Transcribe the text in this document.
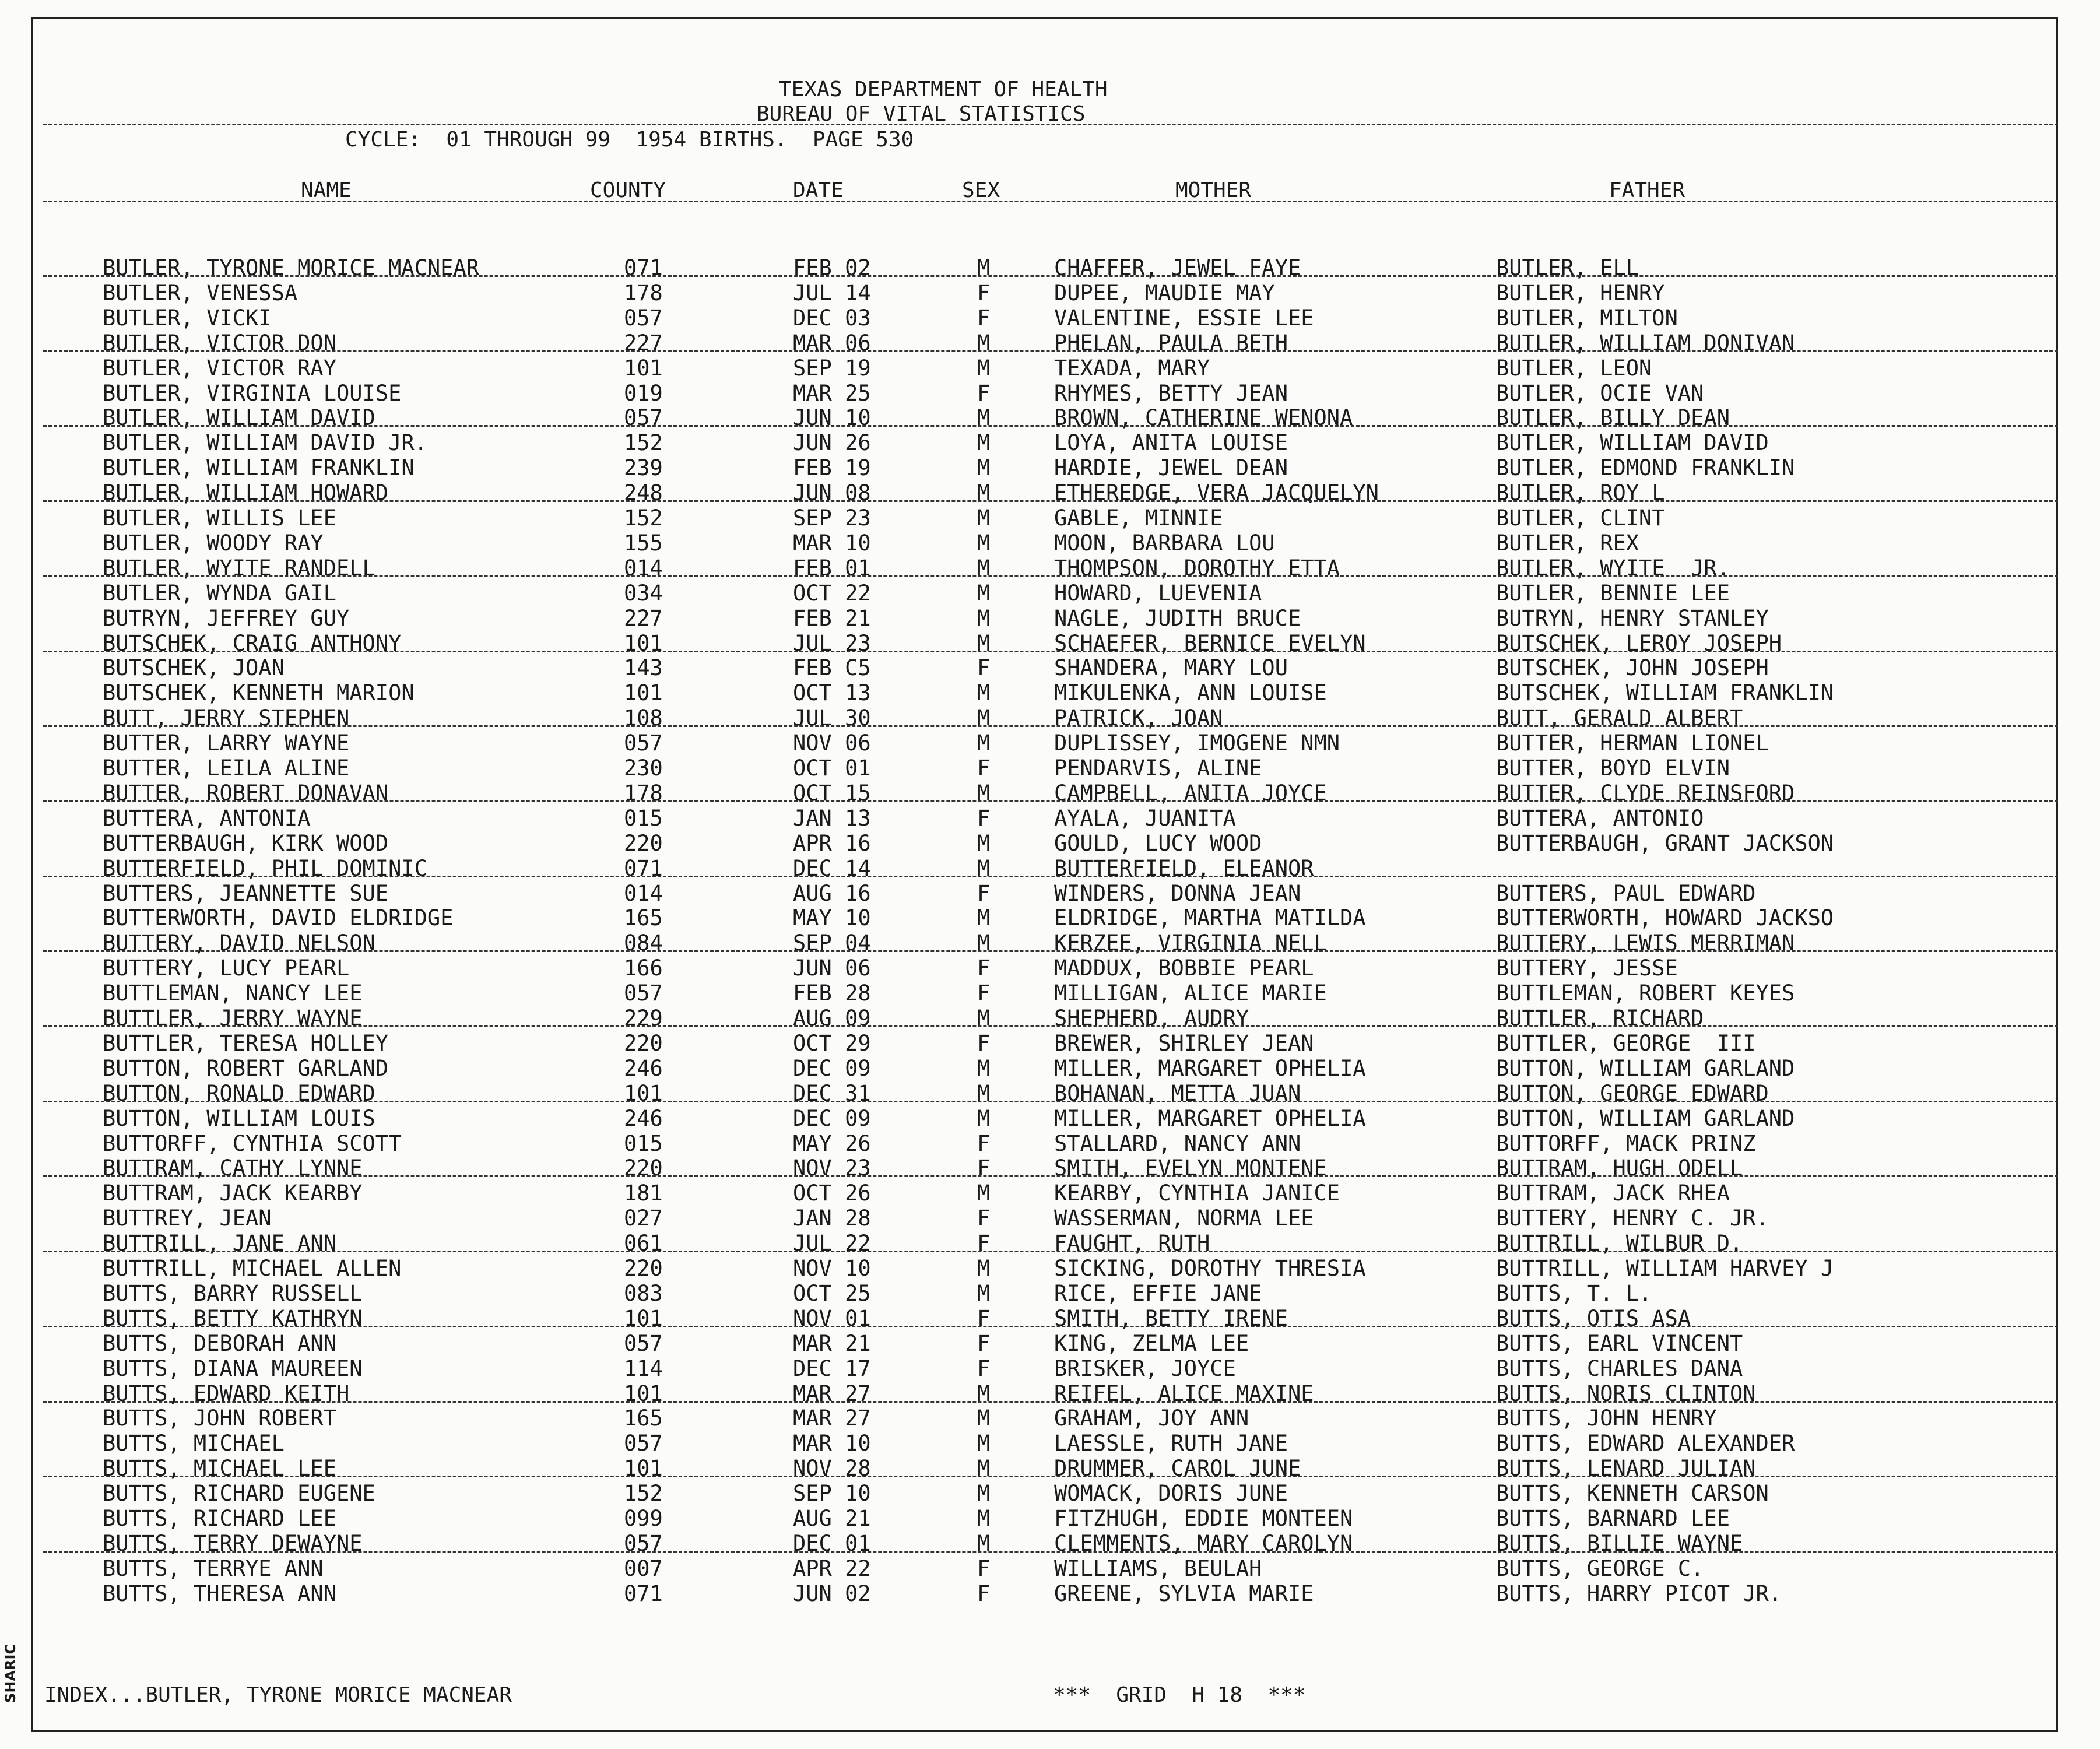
SHARIC
TEXAS DEPARTMENT OF HEALTH
BUREAU OF VITAL STATISTICS
CYCLE:  01 THROUGH 99  1954 BIRTHS.  PAGE 530
NAME	COUNTY	DATE	SEX	MOTHER	FATHER
BUTLER, TYRONE MORICE MACNEAR	071	FEB 02	M	CHAFFER, JEWEL FAYE	BUTLER, ELL
BUTLER, VENESSA	178	JUL 14	F	DUPEE, MAUDIE MAY	BUTLER, HENRY
BUTLER, VICKI	057	DEC 03	F	VALENTINE, ESSIE LEE	BUTLER, MILTON
BUTLER, VICTOR DON	227	MAR 06	M	PHELAN, PAULA BETH	BUTLER, WILLIAM DONIVAN
BUTLER, VICTOR RAY	101	SEP 19	M	TEXADA, MARY	BUTLER, LEON
BUTLER, VIRGINIA LOUISE	019	MAR 25	F	RHYMES, BETTY JEAN	BUTLER, OCIE VAN
BUTLER, WILLIAM DAVID	057	JUN 10	M	BROWN, CATHERINE WENONA	BUTLER, BILLY DEAN
BUTLER, WILLIAM DAVID JR.	152	JUN 26	M	LOYA, ANITA LOUISE	BUTLER, WILLIAM DAVID
BUTLER, WILLIAM FRANKLIN	239	FEB 19	M	HARDIE, JEWEL DEAN	BUTLER, EDMOND FRANKLIN
BUTLER, WILLIAM HOWARD	248	JUN 08	M	ETHEREDGE, VERA JACQUELYN	BUTLER, ROY L
BUTLER, WILLIS LEE	152	SEP 23	M	GABLE, MINNIE	BUTLER, CLINT
BUTLER, WOODY RAY	155	MAR 10	M	MOON, BARBARA LOU	BUTLER, REX
BUTLER, WYITE RANDELL	014	FEB 01	M	THOMPSON, DOROTHY ETTA	BUTLER, WYITE  JR.
BUTLER, WYNDA GAIL	034	OCT 22	M	HOWARD, LUEVENIA	BUTLER, BENNIE LEE
BUTRYN, JEFFREY GUY	227	FEB 21	M	NAGLE, JUDITH BRUCE	BUTRYN, HENRY STANLEY
BUTSCHEK, CRAIG ANTHONY	101	JUL 23	M	SCHAEFER, BERNICE EVELYN	BUTSCHEK, LEROY JOSEPH
BUTSCHEK, JOAN	143	FEB C5	F	SHANDERA, MARY LOU	BUTSCHEK, JOHN JOSEPH
BUTSCHEK, KENNETH MARION	101	OCT 13	M	MIKULENKA, ANN LOUISE	BUTSCHEK, WILLIAM FRANKLIN
BUTT, JERRY STEPHEN	108	JUL 30	M	PATRICK, JOAN	BUTT, GERALD ALBERT
BUTTER, LARRY WAYNE	057	NOV 06	M	DUPLISSEY, IMOGENE NMN	BUTTER, HERMAN LIONEL
BUTTER, LEILA ALINE	230	OCT 01	F	PENDARVIS, ALINE	BUTTER, BOYD ELVIN
BUTTER, ROBERT DONAVAN	178	OCT 15	M	CAMPBELL, ANITA JOYCE	BUTTER, CLYDE REINSFORD
BUTTERA, ANTONIA	015	JAN 13	F	AYALA, JUANITA	BUTTERA, ANTONIO
BUTTERBAUGH, KIRK WOOD	220	APR 16	M	GOULD, LUCY WOOD	BUTTERBAUGH, GRANT JACKSON
BUTTERFIELD, PHIL DOMINIC	071	DEC 14	M	BUTTERFIELD, ELEANOR
BUTTERS, JEANNETTE SUE	014	AUG 16	F	WINDERS, DONNA JEAN	BUTTERS, PAUL EDWARD
BUTTERWORTH, DAVID ELDRIDGE	165	MAY 10	M	ELDRIDGE, MARTHA MATILDA	BUTTERWORTH, HOWARD JACKSO
BUTTERY, DAVID NELSON	084	SEP 04	M	KERZEE, VIRGINIA NELL	BUTTERY, LEWIS MERRIMAN
BUTTERY, LUCY PEARL	166	JUN 06	F	MADDUX, BOBBIE PEARL	BUTTERY, JESSE
BUTTLEMAN, NANCY LEE	057	FEB 28	F	MILLIGAN, ALICE MARIE	BUTTLEMAN, ROBERT KEYES
BUTTLER, JERRY WAYNE	229	AUG 09	M	SHEPHERD, AUDRY	BUTTLER, RICHARD
BUTTLER, TERESA HOLLEY	220	OCT 29	F	BREWER, SHIRLEY JEAN	BUTTLER, GEORGE  III
BUTTON, ROBERT GARLAND	246	DEC 09	M	MILLER, MARGARET OPHELIA	BUTTON, WILLIAM GARLAND
BUTTON, RONALD EDWARD	101	DEC 31	M	BOHANAN, METTA JUAN	BUTTON, GEORGE EDWARD
BUTTON, WILLIAM LOUIS	246	DEC 09	M	MILLER, MARGARET OPHELIA	BUTTON, WILLIAM GARLAND
BUTTORFF, CYNTHIA SCOTT	015	MAY 26	F	STALLARD, NANCY ANN	BUTTORFF, MACK PRINZ
BUTTRAM, CATHY LYNNE	220	NOV 23	F	SMITH, EVELYN MONTENE	BUTTRAM, HUGH ODELL
BUTTRAM, JACK KEARBY	181	OCT 26	M	KEARBY, CYNTHIA JANICE	BUTTRAM, JACK RHEA
BUTTREY, JEAN	027	JAN 28	F	WASSERMAN, NORMA LEE	BUTTERY, HENRY C. JR.
BUTTRILL, JANE ANN	061	JUL 22	F	FAUGHT, RUTH	BUTTRILL, WILBUR D.
BUTTRILL, MICHAEL ALLEN	220	NOV 10	M	SICKING, DOROTHY THRESIA	BUTTRILL, WILLIAM HARVEY J
BUTTS, BARRY RUSSELL	083	OCT 25	M	RICE, EFFIE JANE	BUTTS, T. L.
BUTTS, BETTY KATHRYN	101	NOV 01	F	SMITH, BETTY IRENE	BUTTS, OTIS ASA
BUTTS, DEBORAH ANN	057	MAR 21	F	KING, ZELMA LEE	BUTTS, EARL VINCENT
BUTTS, DIANA MAUREEN	114	DEC 17	F	BRISKER, JOYCE	BUTTS, CHARLES DANA
BUTTS, EDWARD KEITH	101	MAR 27	M	REIFEL, ALICE MAXINE	BUTTS, NORIS CLINTON
BUTTS, JOHN ROBERT	165	MAR 27	M	GRAHAM, JOY ANN	BUTTS, JOHN HENRY
BUTTS, MICHAEL	057	MAR 10	M	LAESSLE, RUTH JANE	BUTTS, EDWARD ALEXANDER
BUTTS, MICHAEL LEE	101	NOV 28	M	DRUMMER, CAROL JUNE	BUTTS, LENARD JULIAN
BUTTS, RICHARD EUGENE	152	SEP 10	M	WOMACK, DORIS JUNE	BUTTS, KENNETH CARSON
BUTTS, RICHARD LEE	099	AUG 21	M	FITZHUGH, EDDIE MONTEEN	BUTTS, BARNARD LEE
BUTTS, TERRY DEWAYNE	057	DEC 01	M	CLEMMENTS, MARY CAROLYN	BUTTS, BILLIE WAYNE
BUTTS, TERRYE ANN	007	APR 22	F	WILLIAMS, BEULAH	BUTTS, GEORGE C.
BUTTS, THERESA ANN	071	JUN 02	F	GREENE, SYLVIA MARIE	BUTTS, HARRY PICOT JR.
INDEX...BUTLER, TYRONE MORICE MACNEAR	***  GRID  H 18  ***
